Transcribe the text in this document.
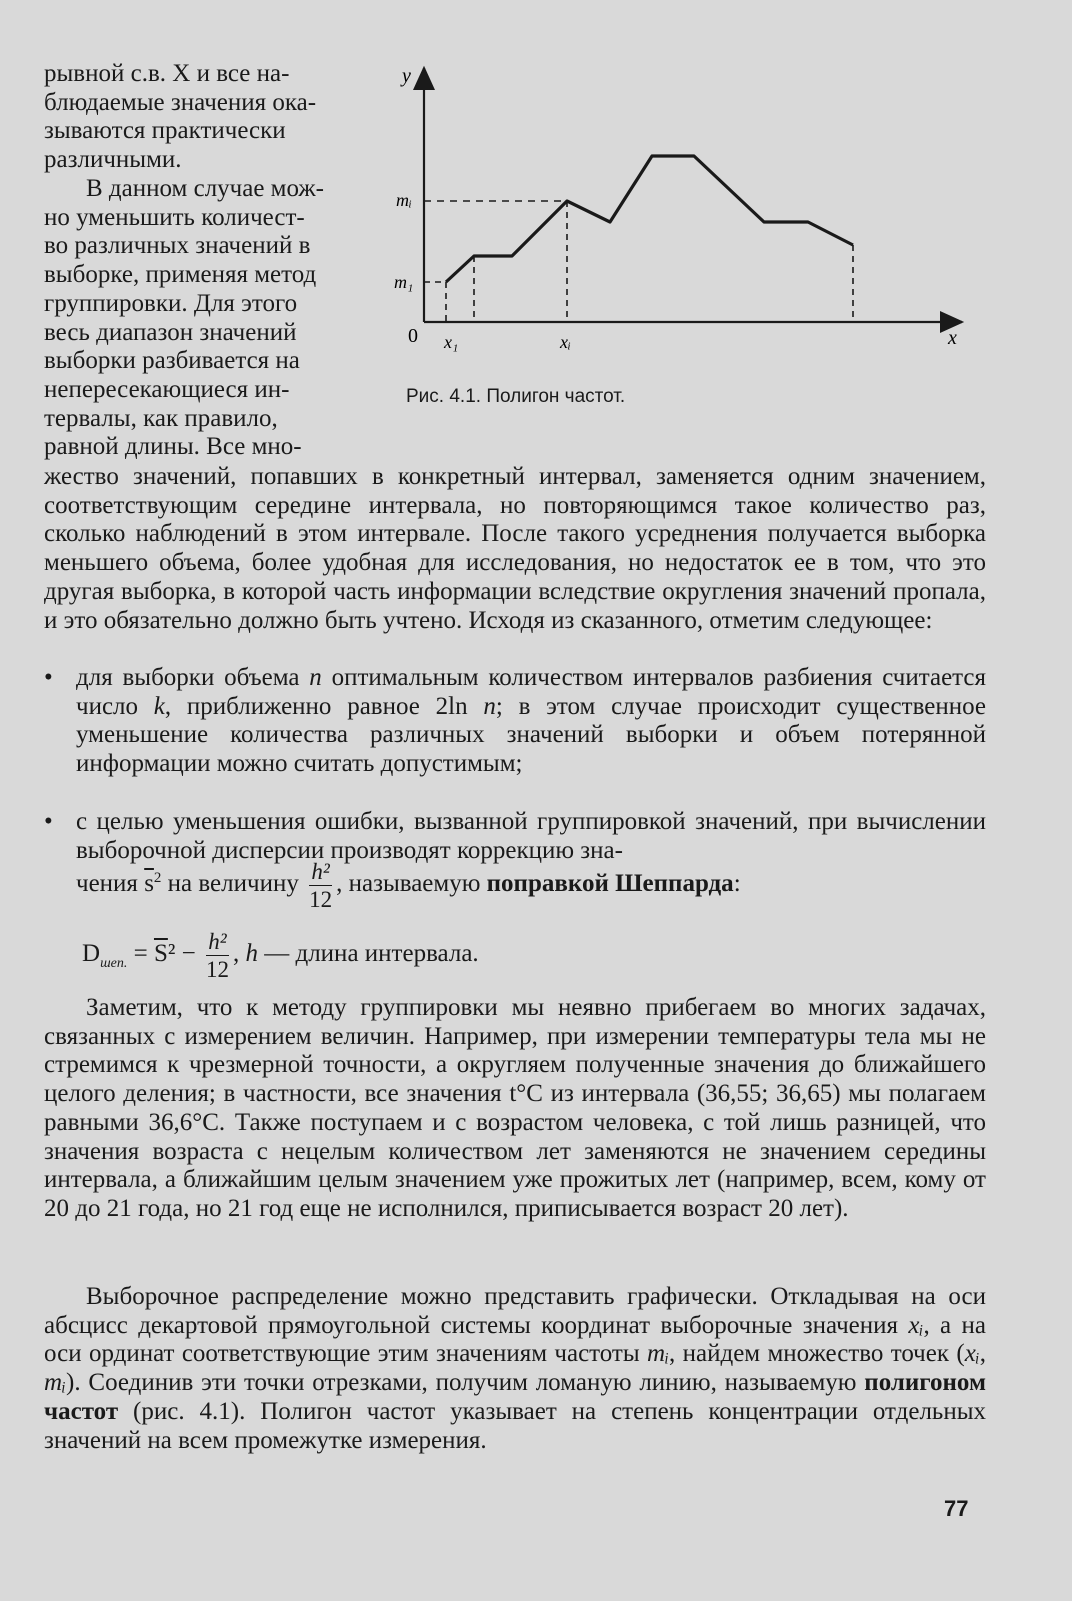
рывной с.в. X и все на-
блюдаемые значения ока-
зываются практически
различными.
В данном случае мож-
но уменьшить количест-
во различных значений в
выборке, применяя метод
группировки. Для этого
весь диапазон значений
выборки разбивается на
непересекающиеся ин-
тервалы, как правило,
равной длины. Все мно-
y
x
0
m₁
mᵢ
x₁	xᵢ
Рис. 4.1. Полигон частот.

жество значений, попавших в конкретный интервал, заменяется одним значением, соответствующим середине интервала, но повторяющимся такое количество раз, сколько наблюдений в этом интервале. После такого усреднения получается выборка меньшего объема, более удобная для исследования, но недостаток ее в том, что это другая выборка, в которой часть информации вследствие округления значений пропала, и это обязательно должно быть учтено. Исходя из сказанного, отметим следующее:

• для выборки объема n оптимальным количеством интервалов разбиения считается число k, приближенно равное 2ln n; в этом случае происходит существенное уменьшение количества различных значений выборки и объем потерянной информации можно считать допустимым;

• с целью уменьшения ошибки, вызванной группировкой значений, при вычислении выборочной дисперсии производят коррекцию зна-

чения $\overline{s}^2$ на величину $\frac{\text{h²}}{12}$ , называемую поправкой Шеппарда:
$D_{шеп.} = \overline{S}^2 - \frac{\text{h²}}{12}$ , h — длина интервала.

Заметим, что к методу группировки мы неявно прибегаем во многих задачах, связанных с измерением величин. Например, при измерении температуры тела мы не стремимся к чрезмерной точности, а округляем полученные значения до ближайшего целого деления; в частности, все значения t°C из интервала (36,55; 36,65) мы полагаем равными 36,6°C. Также поступаем и с возрастом человека, с той лишь разницей, что значения возраста с нецелым количеством лет заменяются не значением середины интервала, а ближайшим целым значением уже прожитых лет (например, всем, кому от 20 до 21 года, но 21 год еще не исполнился, приписывается возраст 20 лет).

Выборочное распределение можно представить графически. Откладывая на оси абсцисс декартовой прямоугольной системы координат выборочные значения xᵢ, а на оси ординат соответствующие этим значениям частоты mᵢ, найдем множество точек (xᵢ, mᵢ). Соединив эти точки отрезками, получим ломаную линию, называемую полигоном частот (рис. 4.1). Полигон частот указывает на степень концентрации отдельных значений на всем промежутке измерения.

77
